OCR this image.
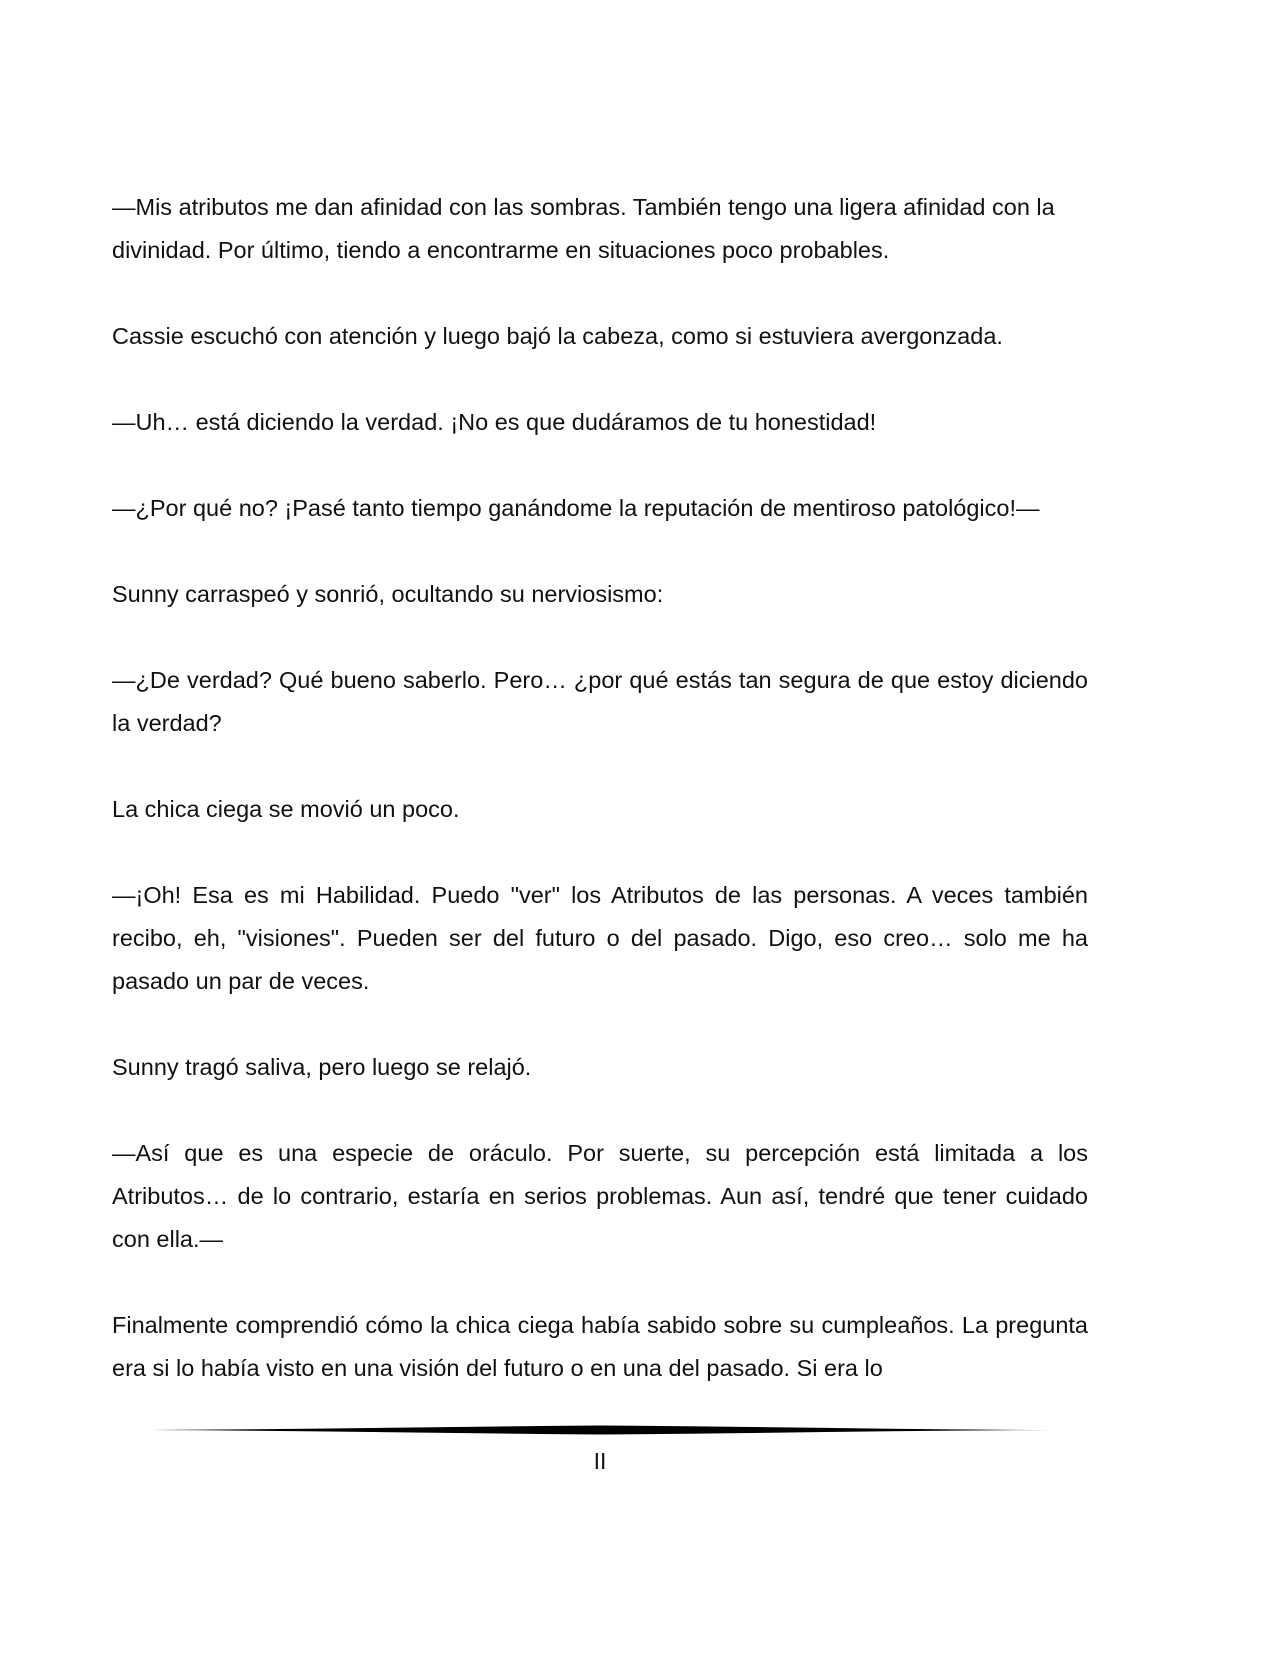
—Mis atributos me dan afinidad con las sombras. También tengo una ligera afinidad con la divinidad. Por último, tiendo a encontrarme en situaciones poco probables.

Cassie escuchó con atención y luego bajó la cabeza, como si estuviera avergonzada.

—Uh… está diciendo la verdad. ¡No es que dudáramos de tu honestidad!

—¿Por qué no? ¡Pasé tanto tiempo ganándome la reputación de mentiroso patológico!—

Sunny carraspeó y sonrió, ocultando su nerviosismo:

—¿De verdad? Qué bueno saberlo. Pero… ¿por qué estás tan segura de que estoy diciendo la verdad?

La chica ciega se movió un poco.

—¡Oh! Esa es mi Habilidad. Puedo "ver" los Atributos de las personas. A veces también recibo, eh, "visiones". Pueden ser del futuro o del pasado. Digo, eso creo… solo me ha pasado un par de veces.

Sunny tragó saliva, pero luego se relajó.

—Así que es una especie de oráculo. Por suerte, su percepción está limitada a los Atributos… de lo contrario, estaría en serios problemas. Aun así, tendré que tener cuidado con ella.—

Finalmente comprendió cómo la chica ciega había sabido sobre su cumpleaños. La pregunta era si lo había visto en una visión del futuro o en una del pasado. Si era lo

II
